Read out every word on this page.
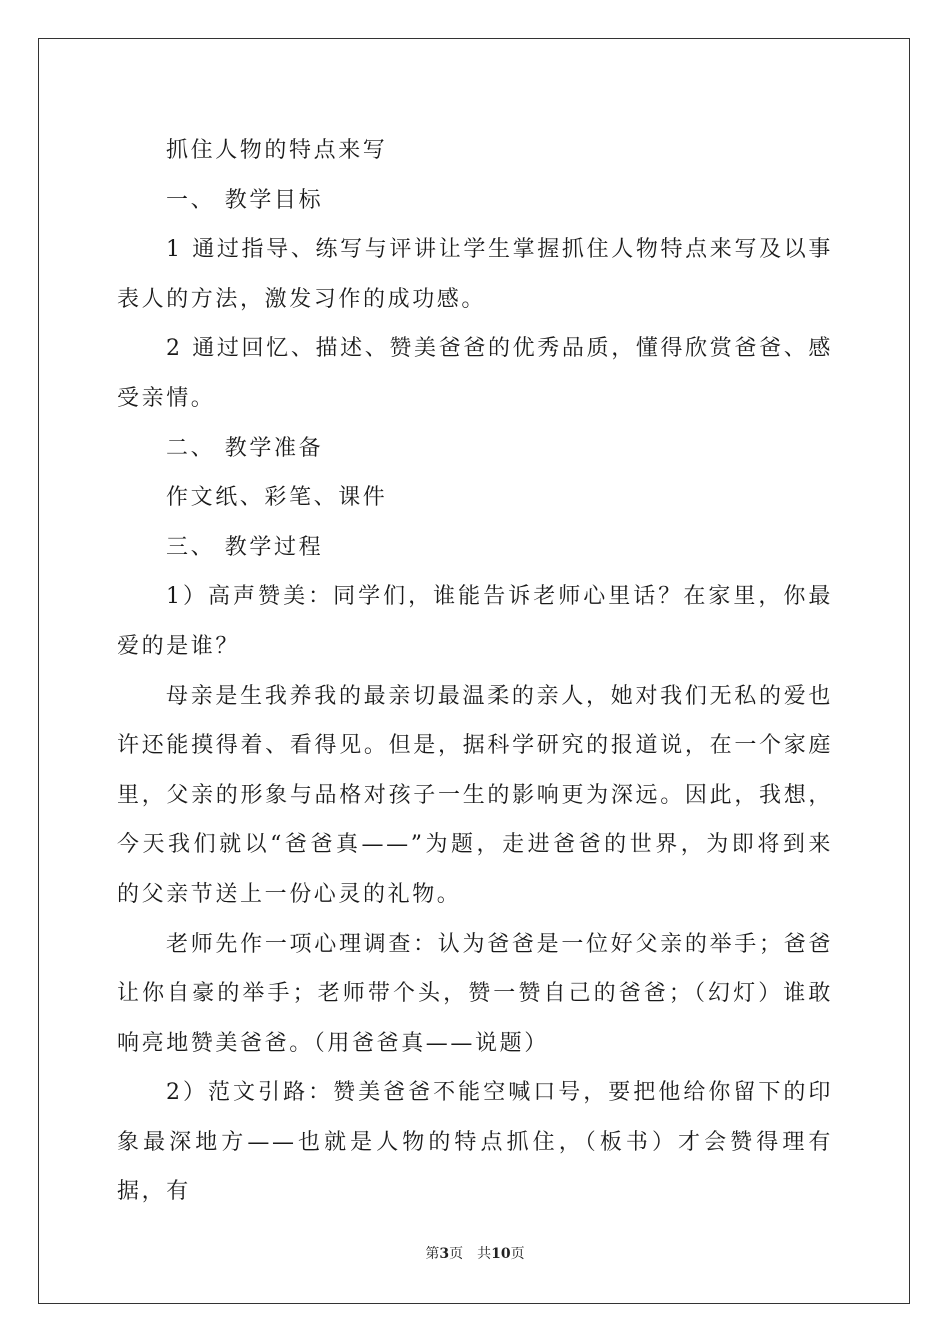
抓住人物的特点来写

一、 教学目标

1 通过指导、练写与评讲让学生掌握抓住人物特点来写及以事表人的方法，激发习作的成功感。

2 通过回忆、描述、赞美爸爸的优秀品质，懂得欣赏爸爸、感受亲情。

二、 教学准备

作文纸、彩笔、课件

三、 教学过程

1）高声赞美：同学们，谁能告诉老师心里话？在家里，你最爱的是谁？

母亲是生我养我的最亲切最温柔的亲人，她对我们无私的爱也许还能摸得着、看得见。但是，据科学研究的报道说，在一个家庭里，父亲的形象与品格对孩子一生的影响更为深远。因此，我想，今天我们就以“爸爸真——”为题，走进爸爸的世界，为即将到来的父亲节送上一份心灵的礼物。

老师先作一项心理调查：认为爸爸是一位好父亲的举手；爸爸让你自豪的举手；老师带个头，赞一赞自己的爸爸；（幻灯）谁敢响亮地赞美爸爸。（用爸爸真——说题）

2）范文引路：赞美爸爸不能空喊口号，要把他给你留下的印象最深地方——也就是人物的特点抓住，（板书）才会赞得理有据，有

第3页 共10页
